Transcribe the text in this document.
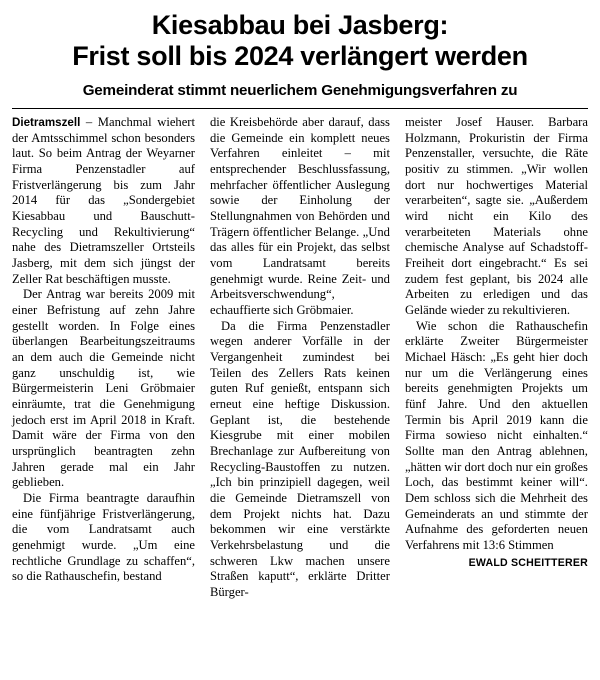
Kiesabbau bei Jasberg:
Frist soll bis 2024 verlängert werden
Gemeinderat stimmt neuerlichem Genehmigungsverfahren zu

Dietramszell – Manchmal wiehert der Amtsschimmel schon besonders laut. So beim Antrag der Weyarner Firma Penzenstadler auf Fristverlängerung bis zum Jahr 2014 für das „Sondergebiet Kiesabbau und Bauschutt-Recycling und Rekultivierung“ nahe des Dietramszeller Ortsteils Jasberg, mit dem sich jüngst der Zeller Rat beschäftigen musste.

Der Antrag war bereits 2009 mit einer Befristung auf zehn Jahre gestellt worden. In Folge eines überlangen Bearbeitungszeitraums an dem auch die Gemeinde nicht ganz unschuldig ist, wie Bürgermeisterin Leni Gröbmaier einräumte, trat die Genehmigung jedoch erst im April 2018 in Kraft. Damit wäre der Firma von den ursprünglich beantragten zehn Jahren gerade mal ein Jahr geblieben.

Die Firma beantragte daraufhin eine fünfjährige Fristverlängerung, die vom Landratsamt auch genehmigt wurde. „Um eine rechtliche Grundlage zu schaffen“, so die Rathauschefin, bestand

die Kreisbehörde aber darauf, dass die Gemeinde ein komplett neues Verfahren einleitet – mit entsprechender Beschlussfassung, mehrfacher öffentlicher Auslegung sowie der Einholung der Stellungnahmen von Behörden und Trägern öffentlicher Belange. „Und das alles für ein Projekt, das selbst vom Landratsamt bereits genehmigt wurde. Reine Zeit- und Arbeitsverschwendung“, echauffierte sich Gröbmaier.

Da die Firma Penzenstadler wegen anderer Vorfälle in der Vergangenheit zumindest bei Teilen des Zellers Rats keinen guten Ruf genießt, entspann sich erneut eine heftige Diskussion. Geplant ist, die bestehende Kiesgrube mit einer mobilen Brechanlage zur Aufbereitung von Recycling-Baustoffen zu nutzen. „Ich bin prinzipiell dagegen, weil die Gemeinde Dietramszell von dem Projekt nichts hat. Dazu bekommen wir eine verstärkte Verkehrsbelastung und die schweren Lkw machen unsere Straßen kaputt“, erklärte Dritter Bürger-

meister Josef Hauser. Barbara Holzmann, Prokuristin der Firma Penzenstaller, versuchte, die Räte positiv zu stimmen. „Wir wollen dort nur hochwertiges Material verarbeiten“, sagte sie. „Außerdem wird nicht ein Kilo des verarbeiteten Materials ohne chemische Analyse auf Schadstoff-Freiheit dort eingebracht.“ Es sei zudem fest geplant, bis 2024 alle Arbeiten zu erledigen und das Gelände wieder zu rekultivieren.

Wie schon die Rathauschefin erklärte Zweiter Bürgermeister Michael Häsch: „Es geht hier doch nur um die Verlängerung eines bereits genehmigten Projekts um fünf Jahre. Und den aktuellen Termin bis April 2019 kann die Firma sowieso nicht einhalten.“ Sollte man den Antrag ablehnen, „hätten wir dort doch nur ein großes Loch, das bestimmt keiner will“. Dem schloss sich die Mehrheit des Gemeinderats an und stimmte der Aufnahme des geforderten neuen Verfahrens mit 13:6 Stimmen

EWALD SCHEITTERER
